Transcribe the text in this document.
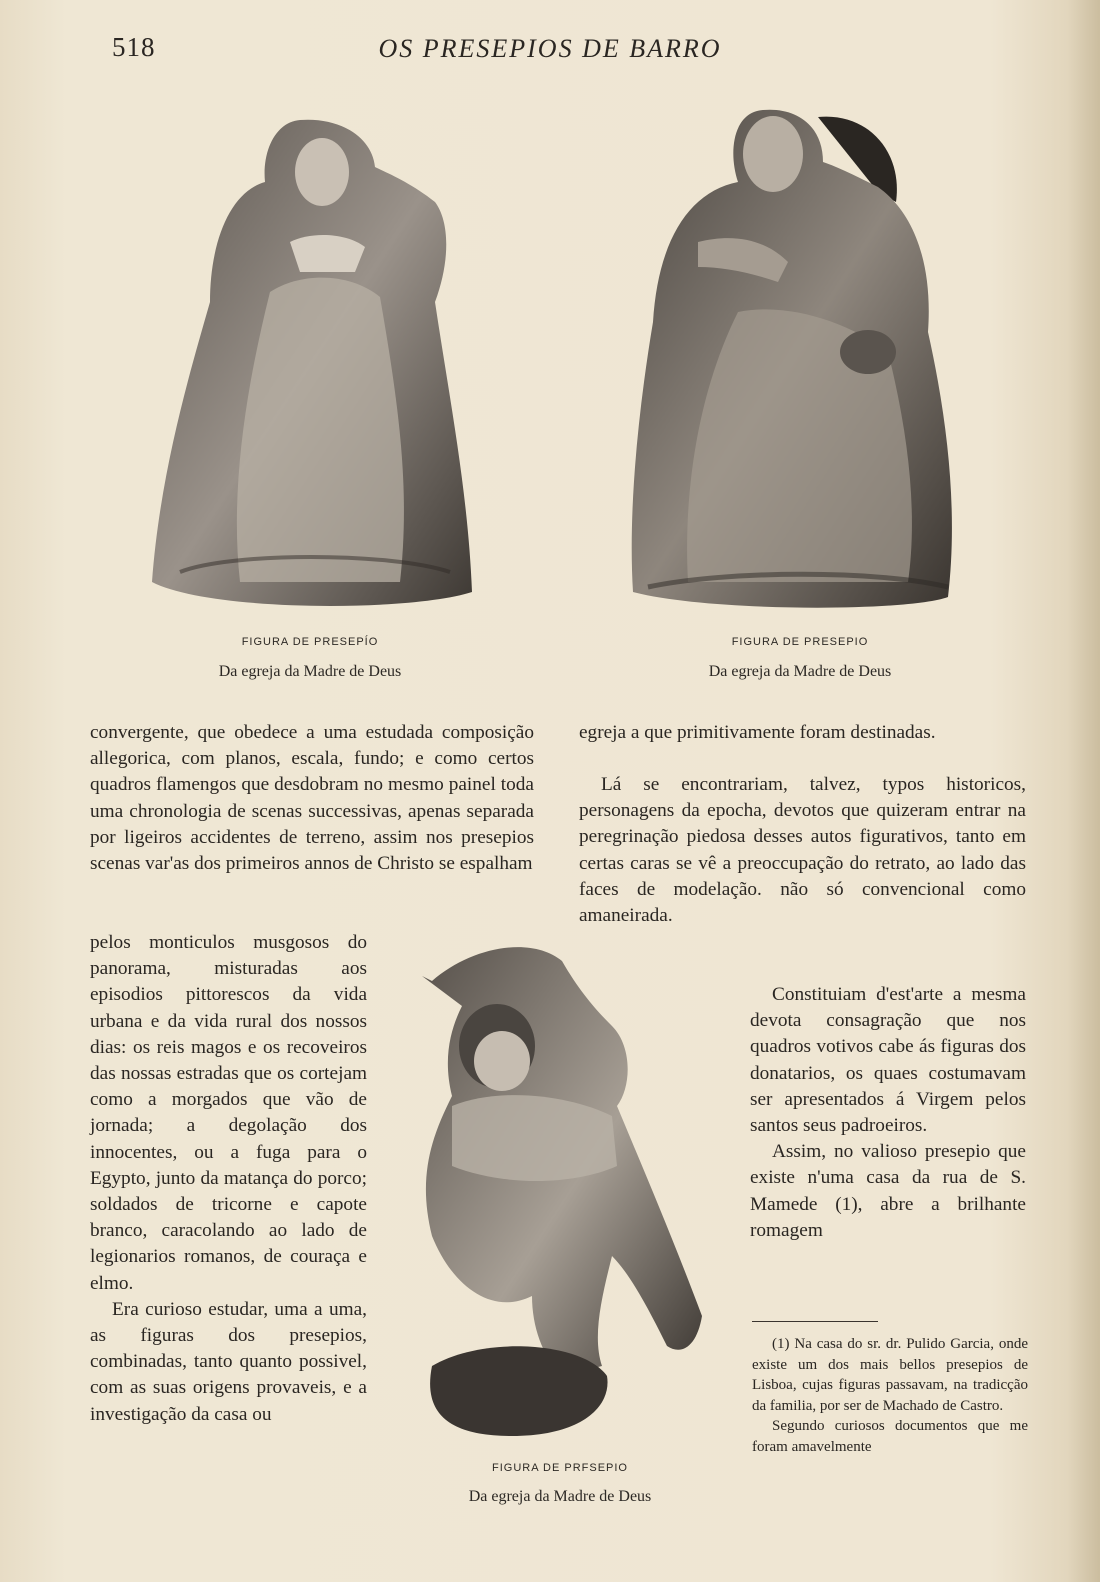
518	OS PRESEPIOS DE BARRO
FIGURA DE PRESEPÍO
Da egreja da Madre de Deus
FIGURA DE PRESEPIO
Da egreja da Madre de Deus
FIGURA DE PRFSEPIO
Da egreja da Madre de Deus

convergente, que obedece a uma estudada composição allegorica, com planos, escala, fundo; e como certos quadros flamengos que desdobram no mesmo painel toda uma chronologia de scenas successivas, apenas separada por ligeiros accidentes de terreno, assim nos presepios scenas var'as dos primeiros annos de Christo se espalham

pelos monticulos musgosos do panorama, misturadas aos episodios pittorescos da vida urbana e da vida rural dos nossos dias: os reis magos e os recoveiros das nossas estradas que os cortejam como a morgados que vão de jornada; a degolação dos innocentes, ou a fuga para o Egypto, junto da matança do porco; soldados de tricorne e capote branco, caracolando ao lado de legionarios romanos, de couraça e elmo.

Era curioso estudar, uma a uma, as figuras dos presepios, combinadas, tanto quanto possivel, com as suas origens provaveis, e a investigação da casa ou

egreja a que primitivamente foram destinadas.

Lá se encontrariam, talvez, typos historicos, personagens da epocha, devotos que quizeram entrar na peregrinação piedosa desses autos figurativos, tanto em certas caras se vê a preoccupação do retrato, ao lado das faces de modelação. não só convencional como amaneirada.

Constituiam d'est'arte a mesma devota consagração que nos quadros votivos cabe ás figuras dos donatarios, os quaes costumavam ser apresentados á Virgem pelos santos seus padroeiros.

Assim, no valioso presepio que existe n'uma casa da rua de S. Mamede (1), abre a brilhante romagem

(1) Na casa do sr. dr. Pulido Garcia, onde existe um dos mais bellos presepios de Lisboa, cujas figuras passavam, na tradicção da familia, por ser de Machado de Castro.

Segundo curiosos documentos que me foram amavelmente
